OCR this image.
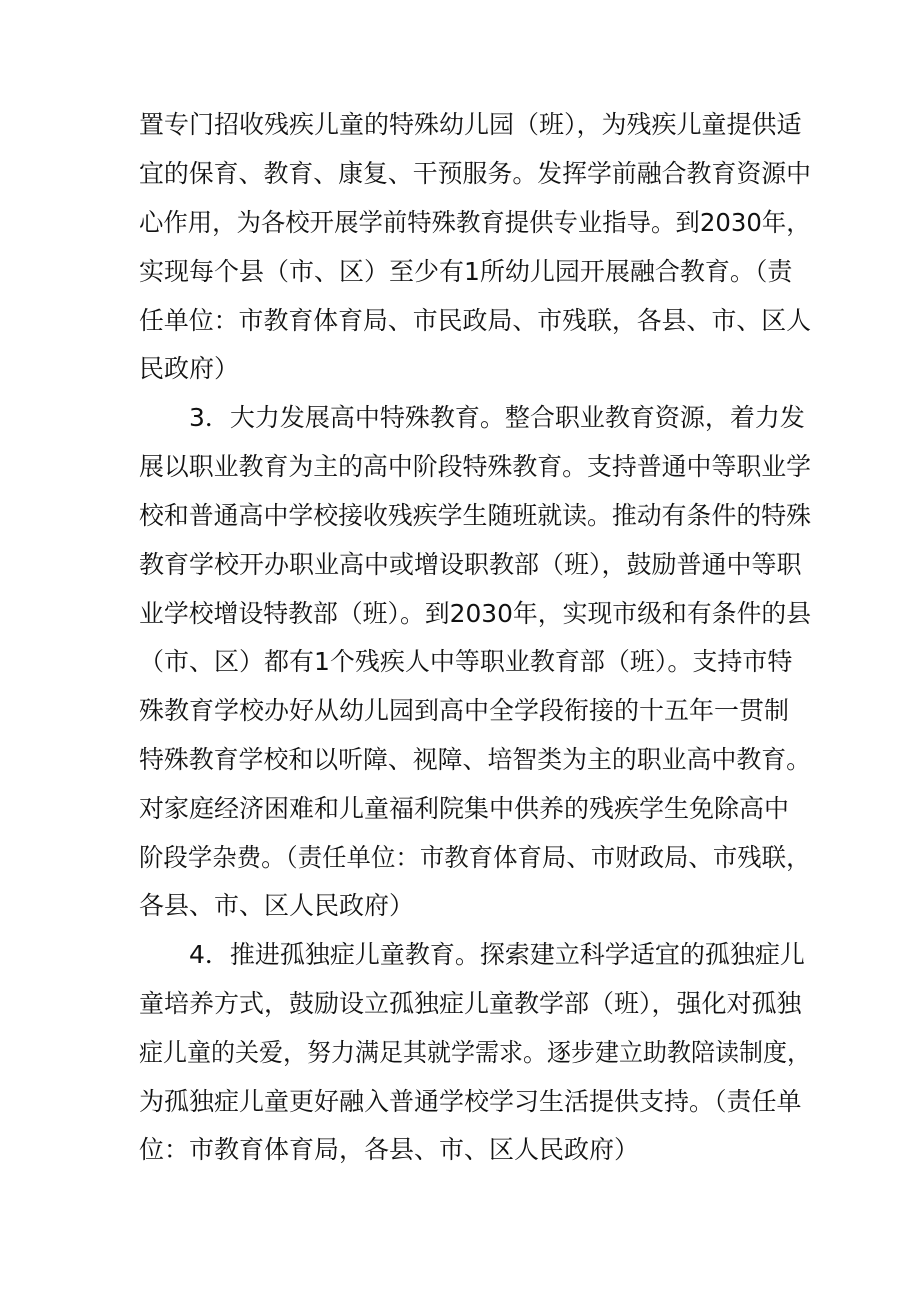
置专门招收残疾儿童的特殊幼儿园（班），为残疾儿童提供适
宜的保育、教育、康复、干预服务。发挥学前融合教育资源中
心作用，为各校开展学前特殊教育提供专业指导。到2030年，
实现每个县（市、区）至少有1所幼儿园开展融合教育。（责
任单位：市教育体育局、市民政局、市残联，各县、市、区人
民政府）
3．大力发展高中特殊教育。整合职业教育资源，着力发
展以职业教育为主的高中阶段特殊教育。支持普通中等职业学
校和普通高中学校接收残疾学生随班就读。推动有条件的特殊
教育学校开办职业高中或增设职教部（班），鼓励普通中等职
业学校增设特教部（班）。到2030年，实现市级和有条件的县
（市、区）都有1个残疾人中等职业教育部（班）。支持市特
殊教育学校办好从幼儿园到高中全学段衔接的十五年一贯制
特殊教育学校和以听障、视障、培智类为主的职业高中教育。
对家庭经济困难和儿童福利院集中供养的残疾学生免除高中
阶段学杂费。（责任单位：市教育体育局、市财政局、市残联，
各县、市、区人民政府）
4．推进孤独症儿童教育。探索建立科学适宜的孤独症儿
童培养方式，鼓励设立孤独症儿童教学部（班），强化对孤独
症儿童的关爱，努力满足其就学需求。逐步建立助教陪读制度，
为孤独症儿童更好融入普通学校学习生活提供支持。（责任单
位：市教育体育局，各县、市、区人民政府）
